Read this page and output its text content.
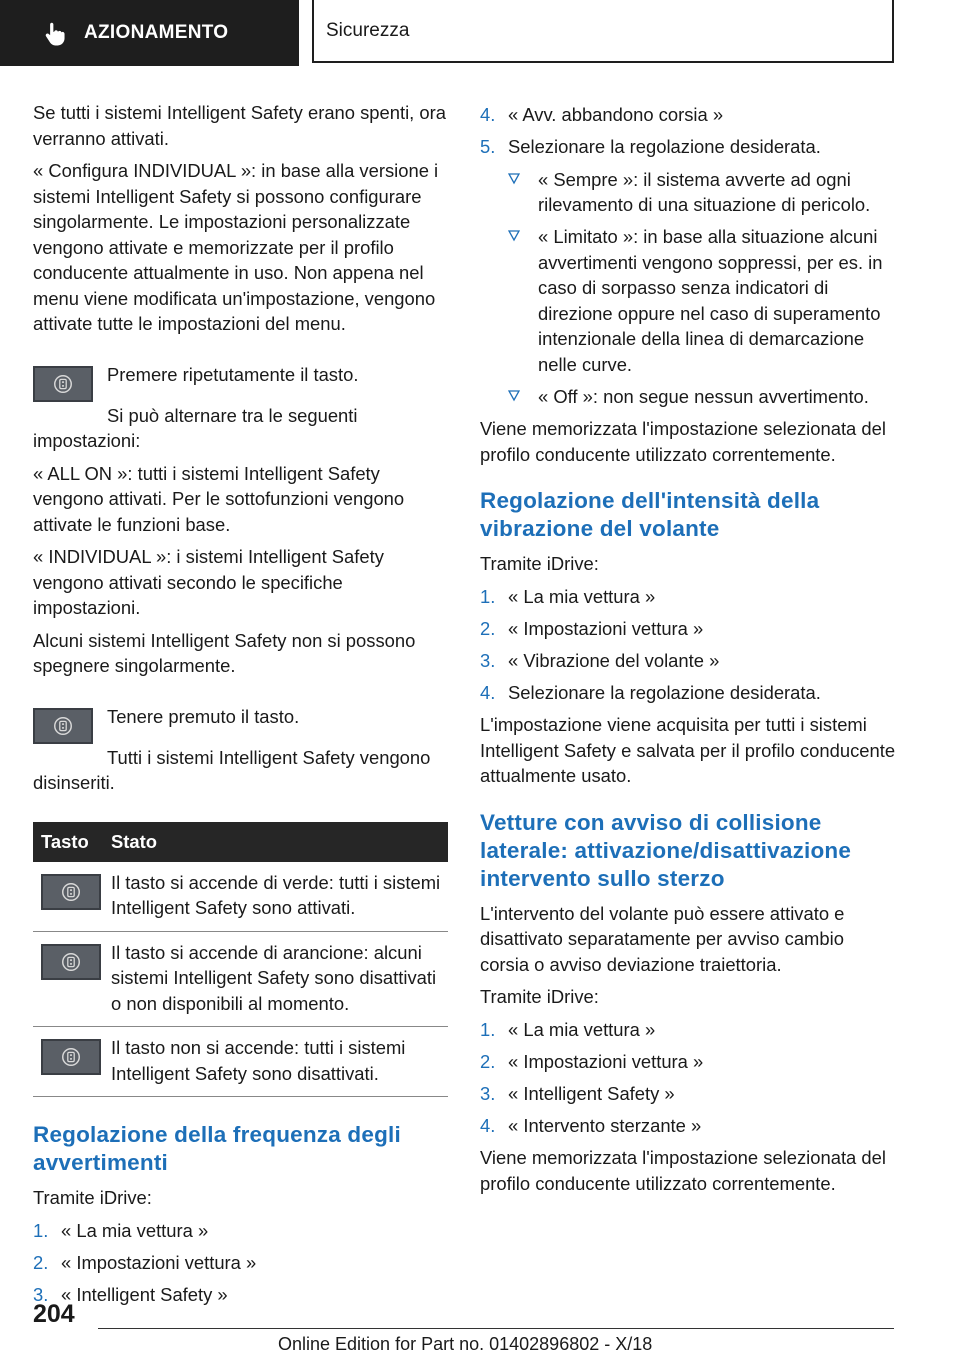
AZIONAMENTO	Sicurezza

Se tutti i sistemi Intelligent Safety erano spenti, ora verranno attivati.

« Configura INDIVIDUAL »: in base alla versione i sistemi Intelligent Safety si possono configurare singolarmente. Le impostazioni personalizzate vengono attivate e memorizzate per il profilo conducente attualmente in uso. Non appena nel menu viene modificata un'impostazione, vengono attivate tutte le impostazioni del menu.

Premere ripetutamente il tasto.

Si può alternare tra le seguenti impostazioni:

« ALL ON »: tutti i sistemi Intelligent Safety vengono attivati. Per le sottofunzioni vengono attivate le funzioni base.

« INDIVIDUAL »: i sistemi Intelligent Safety vengono attivati secondo le specifiche impostazioni.

Alcuni sistemi Intelligent Safety non si possono spegnere singolarmente.

Tenere premuto il tasto.

Tutti i sistemi Intelligent Safety vengono disinseriti.

Tasto	Stato

	Il tasto si accende di verde: tutti i sistemi Intelligent Safety sono attivati.

	Il tasto si accende di arancione: alcuni sistemi Intelligent Safety sono disattivati o non disponibili al momento.

	Il tasto non si accende: tutti i sistemi Intelligent Safety sono disattivati.
Regolazione della frequenza degli avvertimenti

Tramite iDrive:

1. « La mia vettura »
2. « Impostazioni vettura »
3. « Intelligent Safety »
4. « Avv. abbandono corsia »
5. Selezionare la regolazione desiderata.
« Sempre »: il sistema avverte ad ogni rilevamento di una situazione di pericolo.
« Limitato »: in base alla situazione alcuni avvertimenti vengono soppressi, per es. in caso di sorpasso senza indicatori di direzione oppure nel caso di superamento intenzionale della linea di demarcazione nelle curve.
« Off »: non segue nessun avvertimento.

Viene memorizzata l'impostazione selezionata del profilo conducente utilizzato correntemente.

Regolazione dell'intensità della vibrazione del volante

Tramite iDrive:

1. « La mia vettura »
2. « Impostazioni vettura »
3. « Vibrazione del volante »
4. Selezionare la regolazione desiderata.

L'impostazione viene acquisita per tutti i sistemi Intelligent Safety e salvata per il profilo conducente attualmente usato.

Vetture con avviso di collisione laterale: attivazione/disattivazione intervento sullo sterzo

L'intervento del volante può essere attivato e disattivato separatamente per avviso cambio corsia o avviso deviazione traiettoria.

Tramite iDrive:

1. « La mia vettura »
2. « Impostazioni vettura »
3. « Intelligent Safety »
4. « Intervento sterzante »

Viene memorizzata l'impostazione selezionata del profilo conducente utilizzato correntemente.

204
Online Edition for Part no. 01402896802 - X/18
